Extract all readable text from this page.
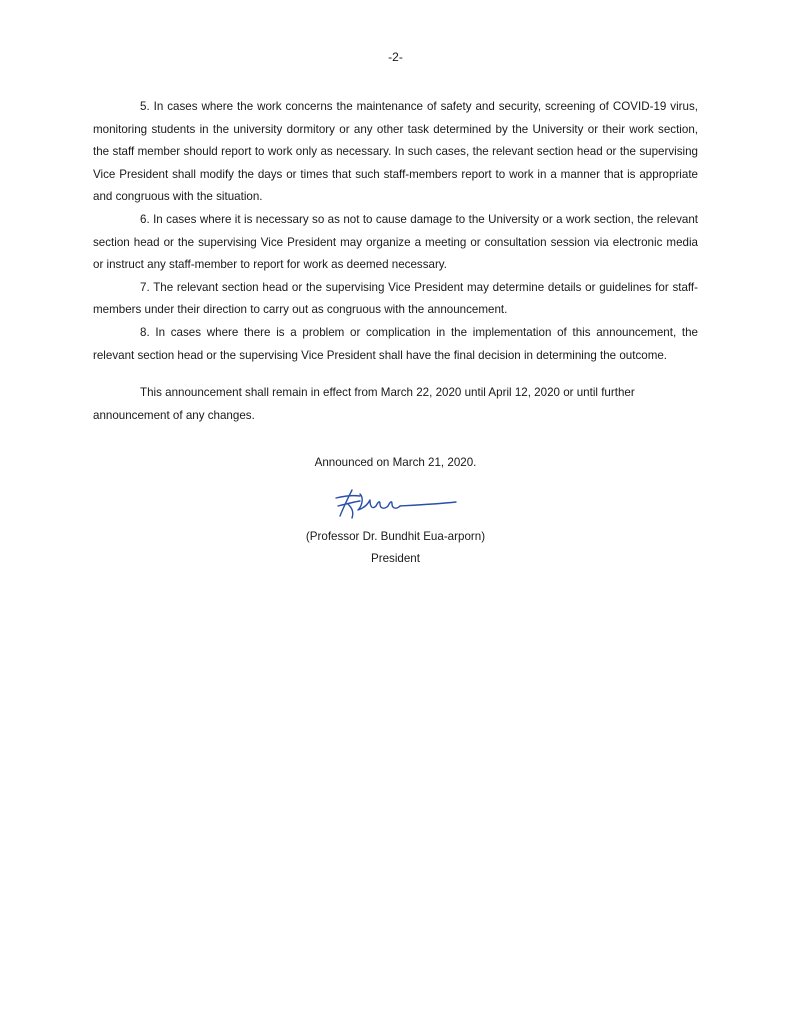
-2-

5. In cases where the work concerns the maintenance of safety and security, screening of COVID-19 virus, monitoring students in the university dormitory or any other task determined by the University or their work section, the staff member should report to work only as necessary. In such cases, the relevant section head or the supervising Vice President shall modify the days or times that such staff-members report to work in a manner that is appropriate and congruous with the situation.

6. In cases where it is necessary so as not to cause damage to the University or a work section, the relevant section head or the supervising Vice President may organize a meeting or consultation session via electronic media or instruct any staff-member to report for work as deemed necessary.

7. The relevant section head or the supervising Vice President may determine details or guidelines for staff-members under their direction to carry out as congruous with the announcement.

8. In cases where there is a problem or complication in the implementation of this announcement, the relevant section head or the supervising Vice President shall have the final decision in determining the outcome.

This announcement shall remain in effect from March 22, 2020 until April 12, 2020 or until further announcement of any changes.

Announced on March 21, 2020.
(Professor Dr. Bundhit Eua-arporn)
President
